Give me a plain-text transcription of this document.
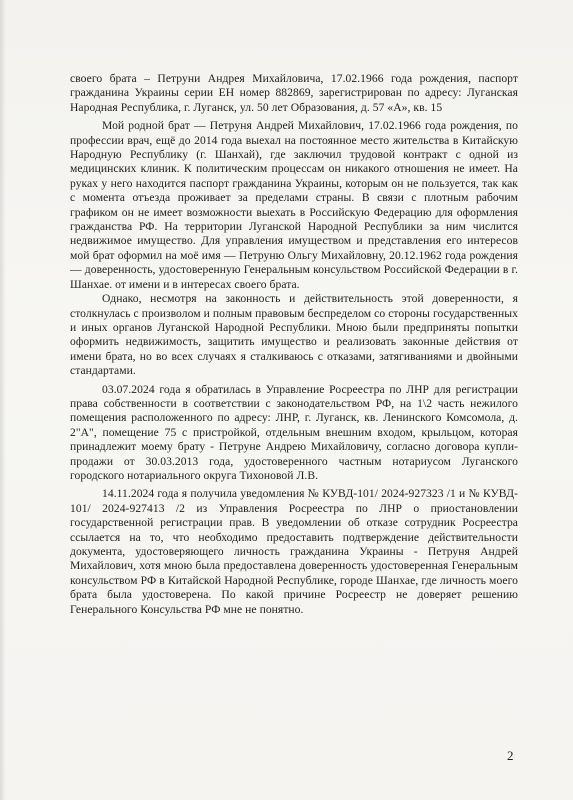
своего брата – Петруни Андрея Михайловича, 17.02.1966 года рождения, паспорт гражданина Украины серии ЕН номер 882869, зарегистрирован по адресу: Луганская Народная Республика, г. Луганск, ул. 50 лет Образования, д. 57 «А», кв. 15

Мой родной брат — Петруня Андрей Михайлович, 17.02.1966 года рождения, по профессии врач, ещё до 2014 года выехал на постоянное место жительства в Китайскую Народную Республику (г. Шанхай), где заключил трудовой контракт с одной из медицинских клиник. К политическим процессам он никакого отношения не имеет. На руках у него находится паспорт гражданина Украины, которым он не пользуется, так как с момента отъезда проживает за пределами страны. В связи с плотным рабочим графиком он не имеет возможности выехать в Российскую Федерацию для оформления гражданства РФ. На территории Луганской Народной Республики за ним числится недвижимое имущество. Для управления имуществом и представления его интересов мой брат оформил на моё имя — Петруню Ольгу Михайловну, 20.12.1962 года рождения — доверенность, удостоверенную Генеральным консульством Российской Федерации в г. Шанхае. от имени и в интересах своего брата.

Однако, несмотря на законность и действительность этой доверенности, я столкнулась с произволом и полным правовым беспределом со стороны государственных и иных органов Луганской Народной Республики. Мною были предприняты попытки оформить недвижимость, защитить имущество и реализовать законные действия от имени брата, но во всех случаях я сталкиваюсь с отказами, затягиваниями и двойными стандартами.

03.07.2024 года я обратилась в Управление Росреестра по ЛНР для регистрации права собственности в соответствии с законодательством РФ, на 1\2 часть нежилого помещения расположенного по адресу: ЛНР, г. Луганск, кв. Ленинского Комсомола, д. 2"А", помещение 75 с пристройкой, отдельным внешним входом, крыльцом, которая принадлежит моему брату - Петруне Андрею Михайловичу, согласно договора купли-продажи от 30.03.2013 года, удостоверенного частным нотариусом Луганского городского нотариального округа Тихоновой Л.В.

14.11.2024 года я получила уведомления № КУВД-101/ 2024-927323 /1 и № КУВД- 101/ 2024-927413 /2 из Управления Росреестра по ЛНР о приостановлении государственной регистрации прав. В уведомлении об отказе сотрудник Росреестра ссылается на то, что необходимо предоставить подтверждение действительности документа, удостоверяющего личность гражданина Украины - Петруня Андрей Михайлович, хотя мною была предоставлена доверенность удостоверенная Генеральным консульством РФ в Китайской Народной Республике, городе Шанхае, где личность моего брата была удостоверена. По какой причине Росреестр не доверяет решению Генерального Консульства РФ мне не понятно.

2
